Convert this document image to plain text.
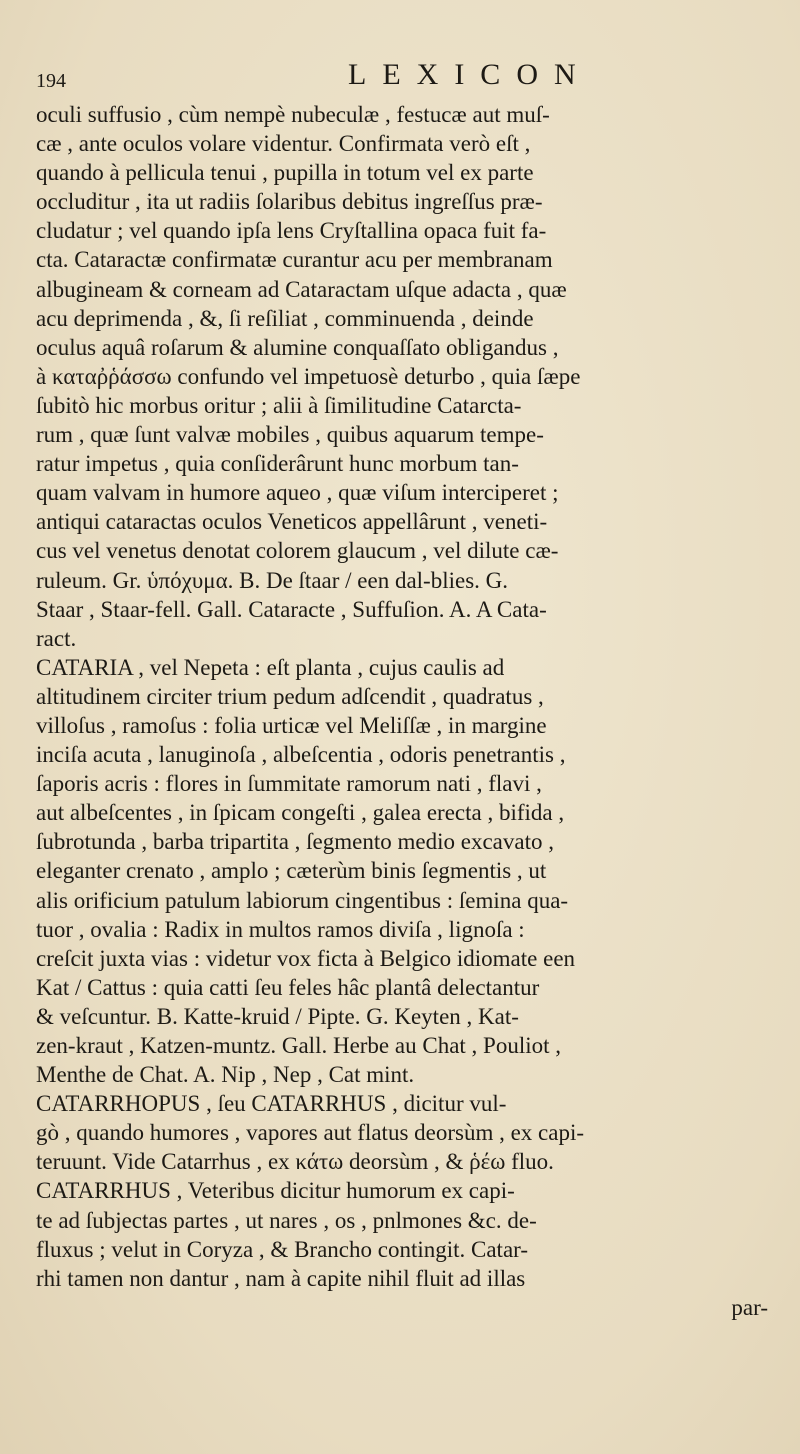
194	LEXICON
oculi suffusio , cùm nempè nubeculæ , festucæ aut muſ-
cæ , ante oculos volare videntur. Confirmata verò eſt ,
quando à pellicula tenui , pupilla in totum vel ex parte
occluditur , ita ut radiis ſolaribus debitus ingreſſus præ-
cludatur ; vel quando ipſa lens Cryſtallina opaca fuit fa-
cta. Cataractæ confirmatæ curantur acu per membranam
albugineam & corneam ad Cataractam uſque adacta , quæ
acu deprimenda , &, ſi reſiliat , comminuenda , deinde
oculus aquâ roſarum & alumine conquaſſato obligandus ,
à καταῤῥάσσω confundo vel impetuosè deturbo , quia ſæpe
ſubitò hic morbus oritur ; alii à ſimilitudine Catarcta-
rum , quæ ſunt valvæ mobiles , quibus aquarum tempe-
ratur impetus , quia conſiderârunt hunc morbum tan-
quam valvam in humore aqueo , quæ viſum interciperet ;
antiqui cataractas oculos Veneticos appellârunt , veneti-
cus vel venetus denotat colorem glaucum , vel dilute cæ-
ruleum. Gr. ὑπόχυμα. B. De ſtaar / een dal-blies. G.
Staar , Staar-fell. Gall. Cataracte , Suffuſion. A. A Cata-
ract.
CATARIA , vel Nepeta : eſt planta , cujus caulis ad
altitudinem circiter trium pedum adſcendit , quadratus ,
villoſus , ramoſus : folia urticæ vel Meliſſæ , in margine
inciſa acuta , lanuginoſa , albeſcentia , odoris penetrantis ,
ſaporis acris : flores in ſummitate ramorum nati , flavi ,
aut albeſcentes , in ſpicam congeſti , galea erecta , bifida ,
ſubrotunda , barba tripartita , ſegmento medio excavato ,
eleganter crenato , amplo ; cæterùm binis ſegmentis , ut
alis orificium patulum labiorum cingentibus : ſemina qua-
tuor , ovalia : Radix in multos ramos diviſa , lignoſa :
creſcit juxta vias : videtur vox ficta à Belgico idiomate een
Kat / Cattus : quia catti ſeu feles hâc plantâ delectantur
& veſcuntur. B. Katte-kruid / Pipte. G. Keyten , Kat-
zen-kraut , Katzen-muntz. Gall. Herbe au Chat , Pouliot ,
Menthe de Chat. A. Nip , Nep , Cat mint.
CATARRHOPUS , ſeu CATARRHUS , dicitur vul-
gò , quando humores , vapores aut flatus deorsùm , ex capi-
teruunt. Vide Catarrhus , ex κάτω deorsùm , & ῥέω fluo.
CATARRHUS , Veteribus dicitur humorum ex capi-
te ad ſubjectas partes , ut nares , os , pnlmones &c. de-
fluxus ; velut in Coryza , & Brancho contingit. Catar-
rhi tamen non dantur , nam à capite nihil fluit ad illas
par-
